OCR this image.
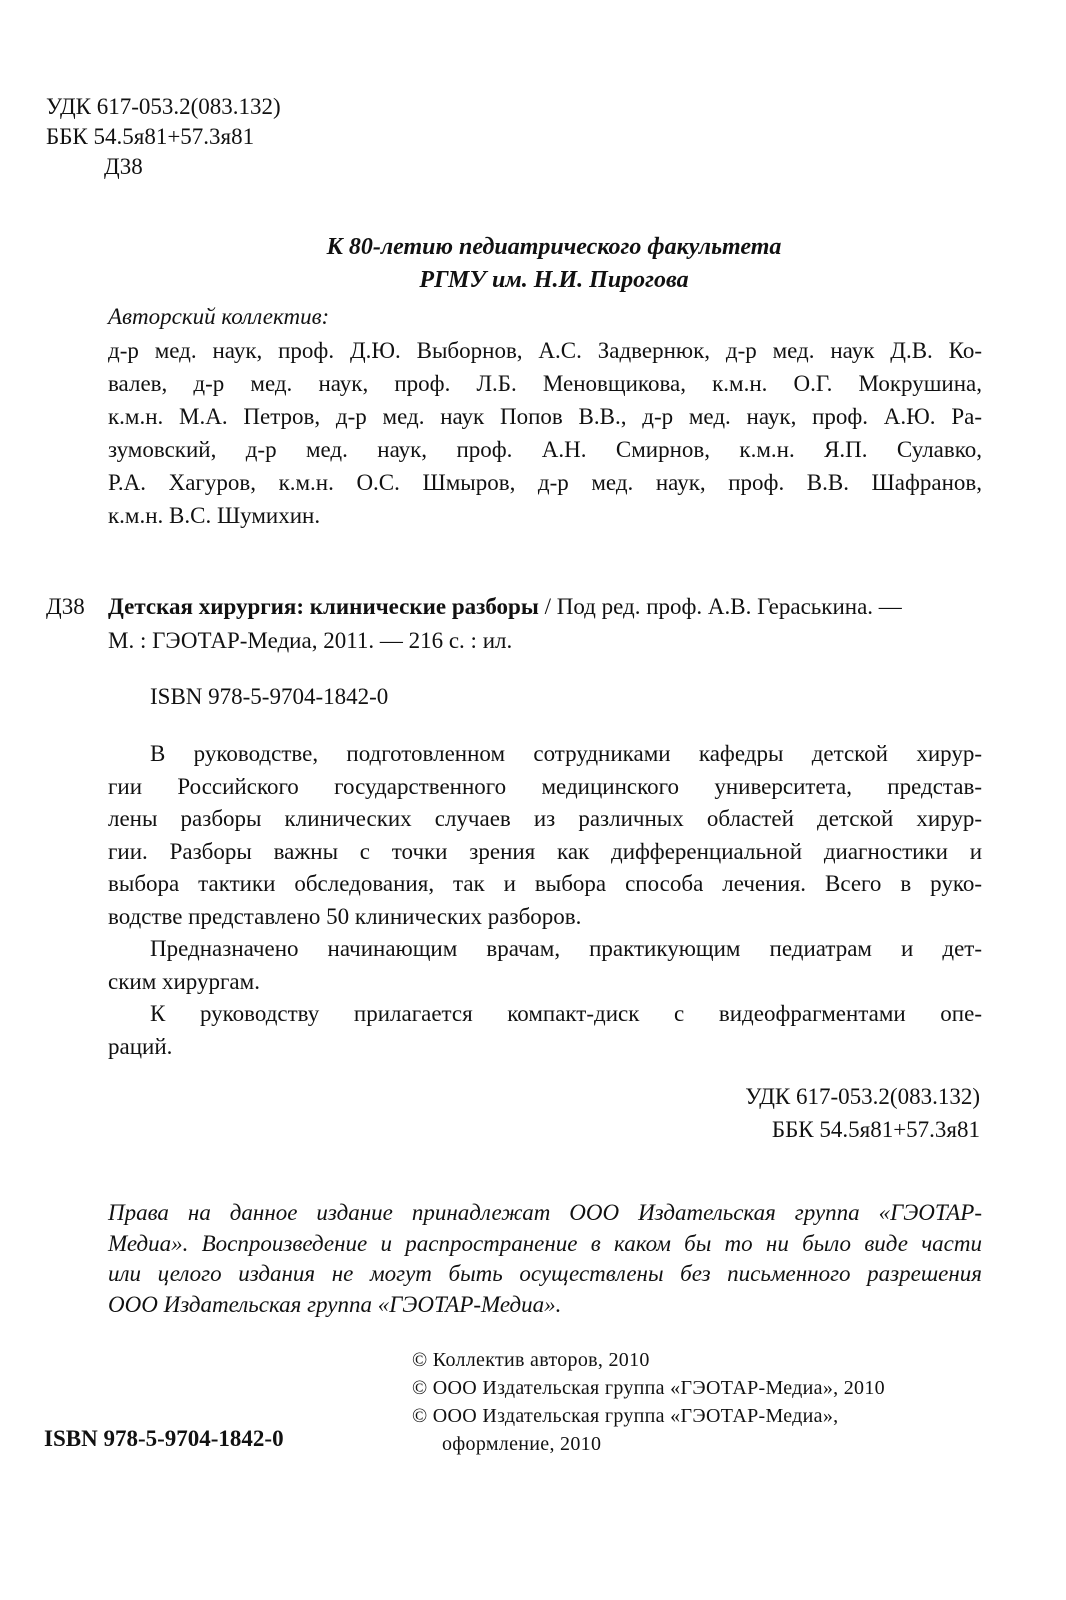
УДК 617-053.2(083.132)
ББК 54.5я81+57.3я81
Д38
К 80-летию педиатрического факультета
РГМУ им. Н.И. Пирогова
Авторский коллектив:
д-р мед. наук, проф. Д.Ю. Выборнов, А.С. Задвернюк, д-р мед. наук Д.В. Ко-
валев, д-р мед. наук, проф. Л.Б. Меновщикова, к.м.н. О.Г. Мокрушина,
к.м.н. М.А. Петров, д-р мед. наук Попов В.В., д-р мед. наук, проф. А.Ю. Ра-
зумовский, д-р мед. наук, проф. А.Н. Смирнов, к.м.н. Я.П. Сулавко,
Р.А. Хагуров, к.м.н. О.С. Шмыров, д-р мед. наук, проф. В.В. Шафранов,
к.м.н. В.С. Шумихин.
Д38 Детская хирургия: клинические разборы / Под ред. проф. А.В. Гераськина. —
М. : ГЭОТАР-Медиа, 2011. — 216 с. : ил.
ISBN 978-5-9704-1842-0
В руководстве, подготовленном сотрудниками кафедры детской хирур-
гии Российского государственного медицинского университета, представ-
лены разборы клинических случаев из различных областей детской хирур-
гии. Разборы важны с точки зрения как дифференциальной диагностики и
выбора тактики обследования, так и выбора способа лечения. Всего в руко-
водстве представлено 50 клинических разборов.
Предназначено начинающим врачам, практикующим педиатрам и дет-
ским хирургам.
К руководству прилагается компакт-диск с видеофрагментами опе-
раций.
УДК 617-053.2(083.132)
ББК 54.5я81+57.3я81
Права на данное издание принадлежат ООО Издательская группа «ГЭОТАР-
Медиа». Воспроизведение и распространение в каком бы то ни было виде части
или целого издания не могут быть осуществлены без письменного разрешения
ООО Издательская группа «ГЭОТАР-Медиа».
© Коллектив авторов, 2010
© ООО Издательская группа «ГЭОТАР-Медиа», 2010
© ООО Издательская группа «ГЭОТАР-Медиа»,
оформление, 2010
ISBN 978-5-9704-1842-0
